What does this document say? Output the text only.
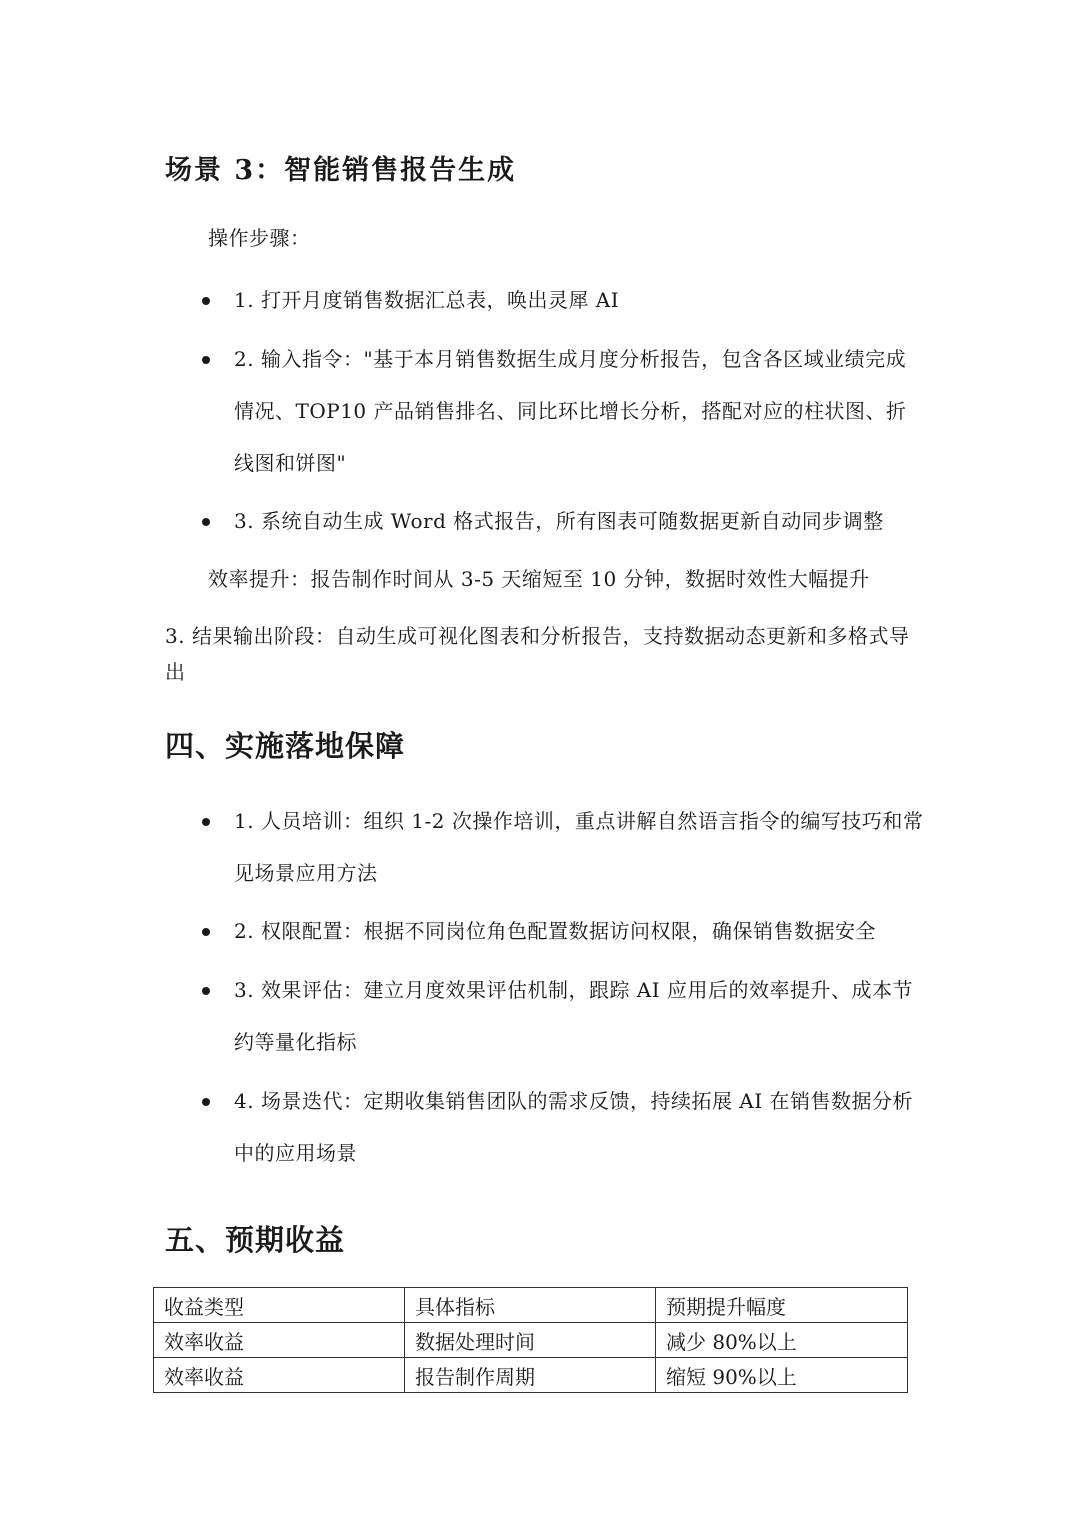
场景 3：智能销售报告生成
操作步骤：
1. 打开月度销售数据汇总表，唤出灵犀 AI
2. 输入指令："基于本月销售数据生成月度分析报告，包含各区域业绩完成情况、TOP10 产品销售排名、同比环比增长分析，搭配对应的柱状图、折线图和饼图"
3. 系统自动生成 Word 格式报告，所有图表可随数据更新自动同步调整
效率提升：报告制作时间从 3-5 天缩短至 10 分钟，数据时效性大幅提升
3. 结果输出阶段：自动生成可视化图表和分析报告，支持数据动态更新和多格式导出
四、实施落地保障
1. 人员培训：组织 1-2 次操作培训，重点讲解自然语言指令的编写技巧和常见场景应用方法
2. 权限配置：根据不同岗位角色配置数据访问权限，确保销售数据安全
3. 效果评估：建立月度效果评估机制，跟踪 AI 应用后的效率提升、成本节约等量化指标
4. 场景迭代：定期收集销售团队的需求反馈，持续拓展 AI 在销售数据分析中的应用场景
五、预期收益
收益类型	具体指标	预期提升幅度
效率收益	数据处理时间	减少 80%以上
效率收益	报告制作周期	缩短 90%以上
